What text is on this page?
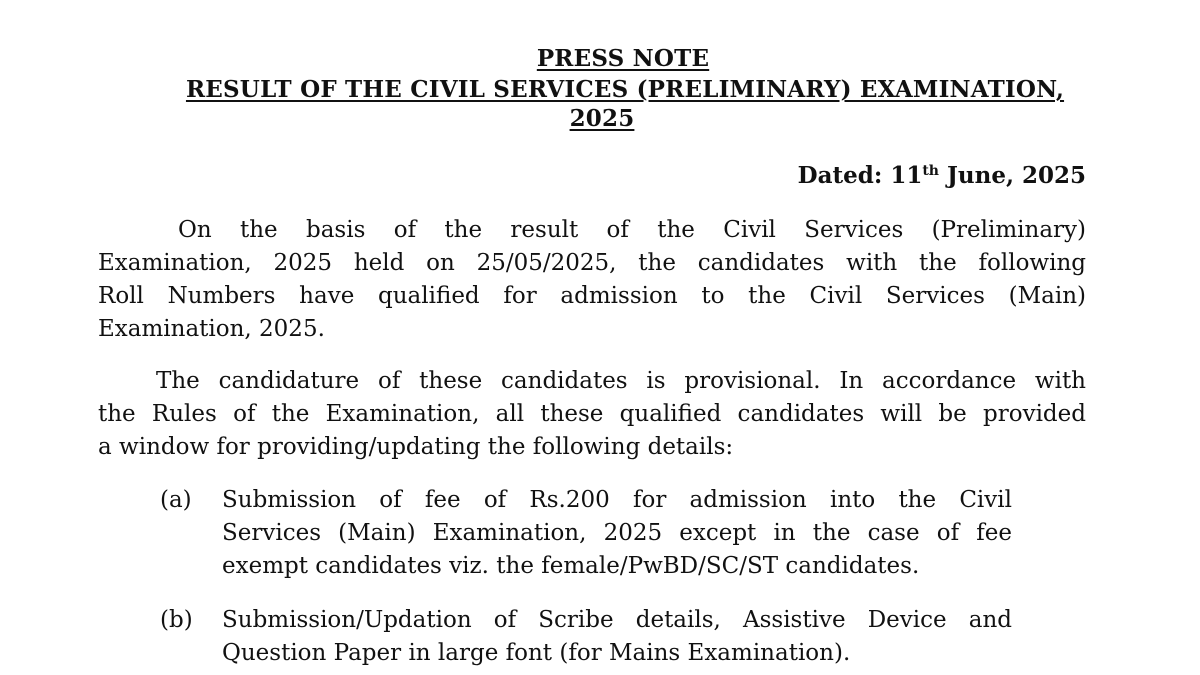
PRESS NOTE
RESULT OF THE CIVIL SERVICES (PRELIMINARY) EXAMINATION,
2025
Dated: 11th June, 2025
On the basis of the result of the Civil Services (Preliminary)
Examination, 2025 held on 25/05/2025, the candidates with the following
Roll Numbers have qualified for admission to the Civil Services (Main)
Examination, 2025.
The candidature of these candidates is provisional. In accordance with
the Rules of the Examination, all these qualified candidates will be provided
a window for providing/updating the following details:
(a) Submission of fee of Rs.200 for admission into the Civil
Services (Main) Examination, 2025 except in the case of fee
exempt candidates viz. the female/PwBD/SC/ST candidates.
(b) Submission/Updation of Scribe details, Assistive Device and
Question Paper in large font (for Mains Examination).
